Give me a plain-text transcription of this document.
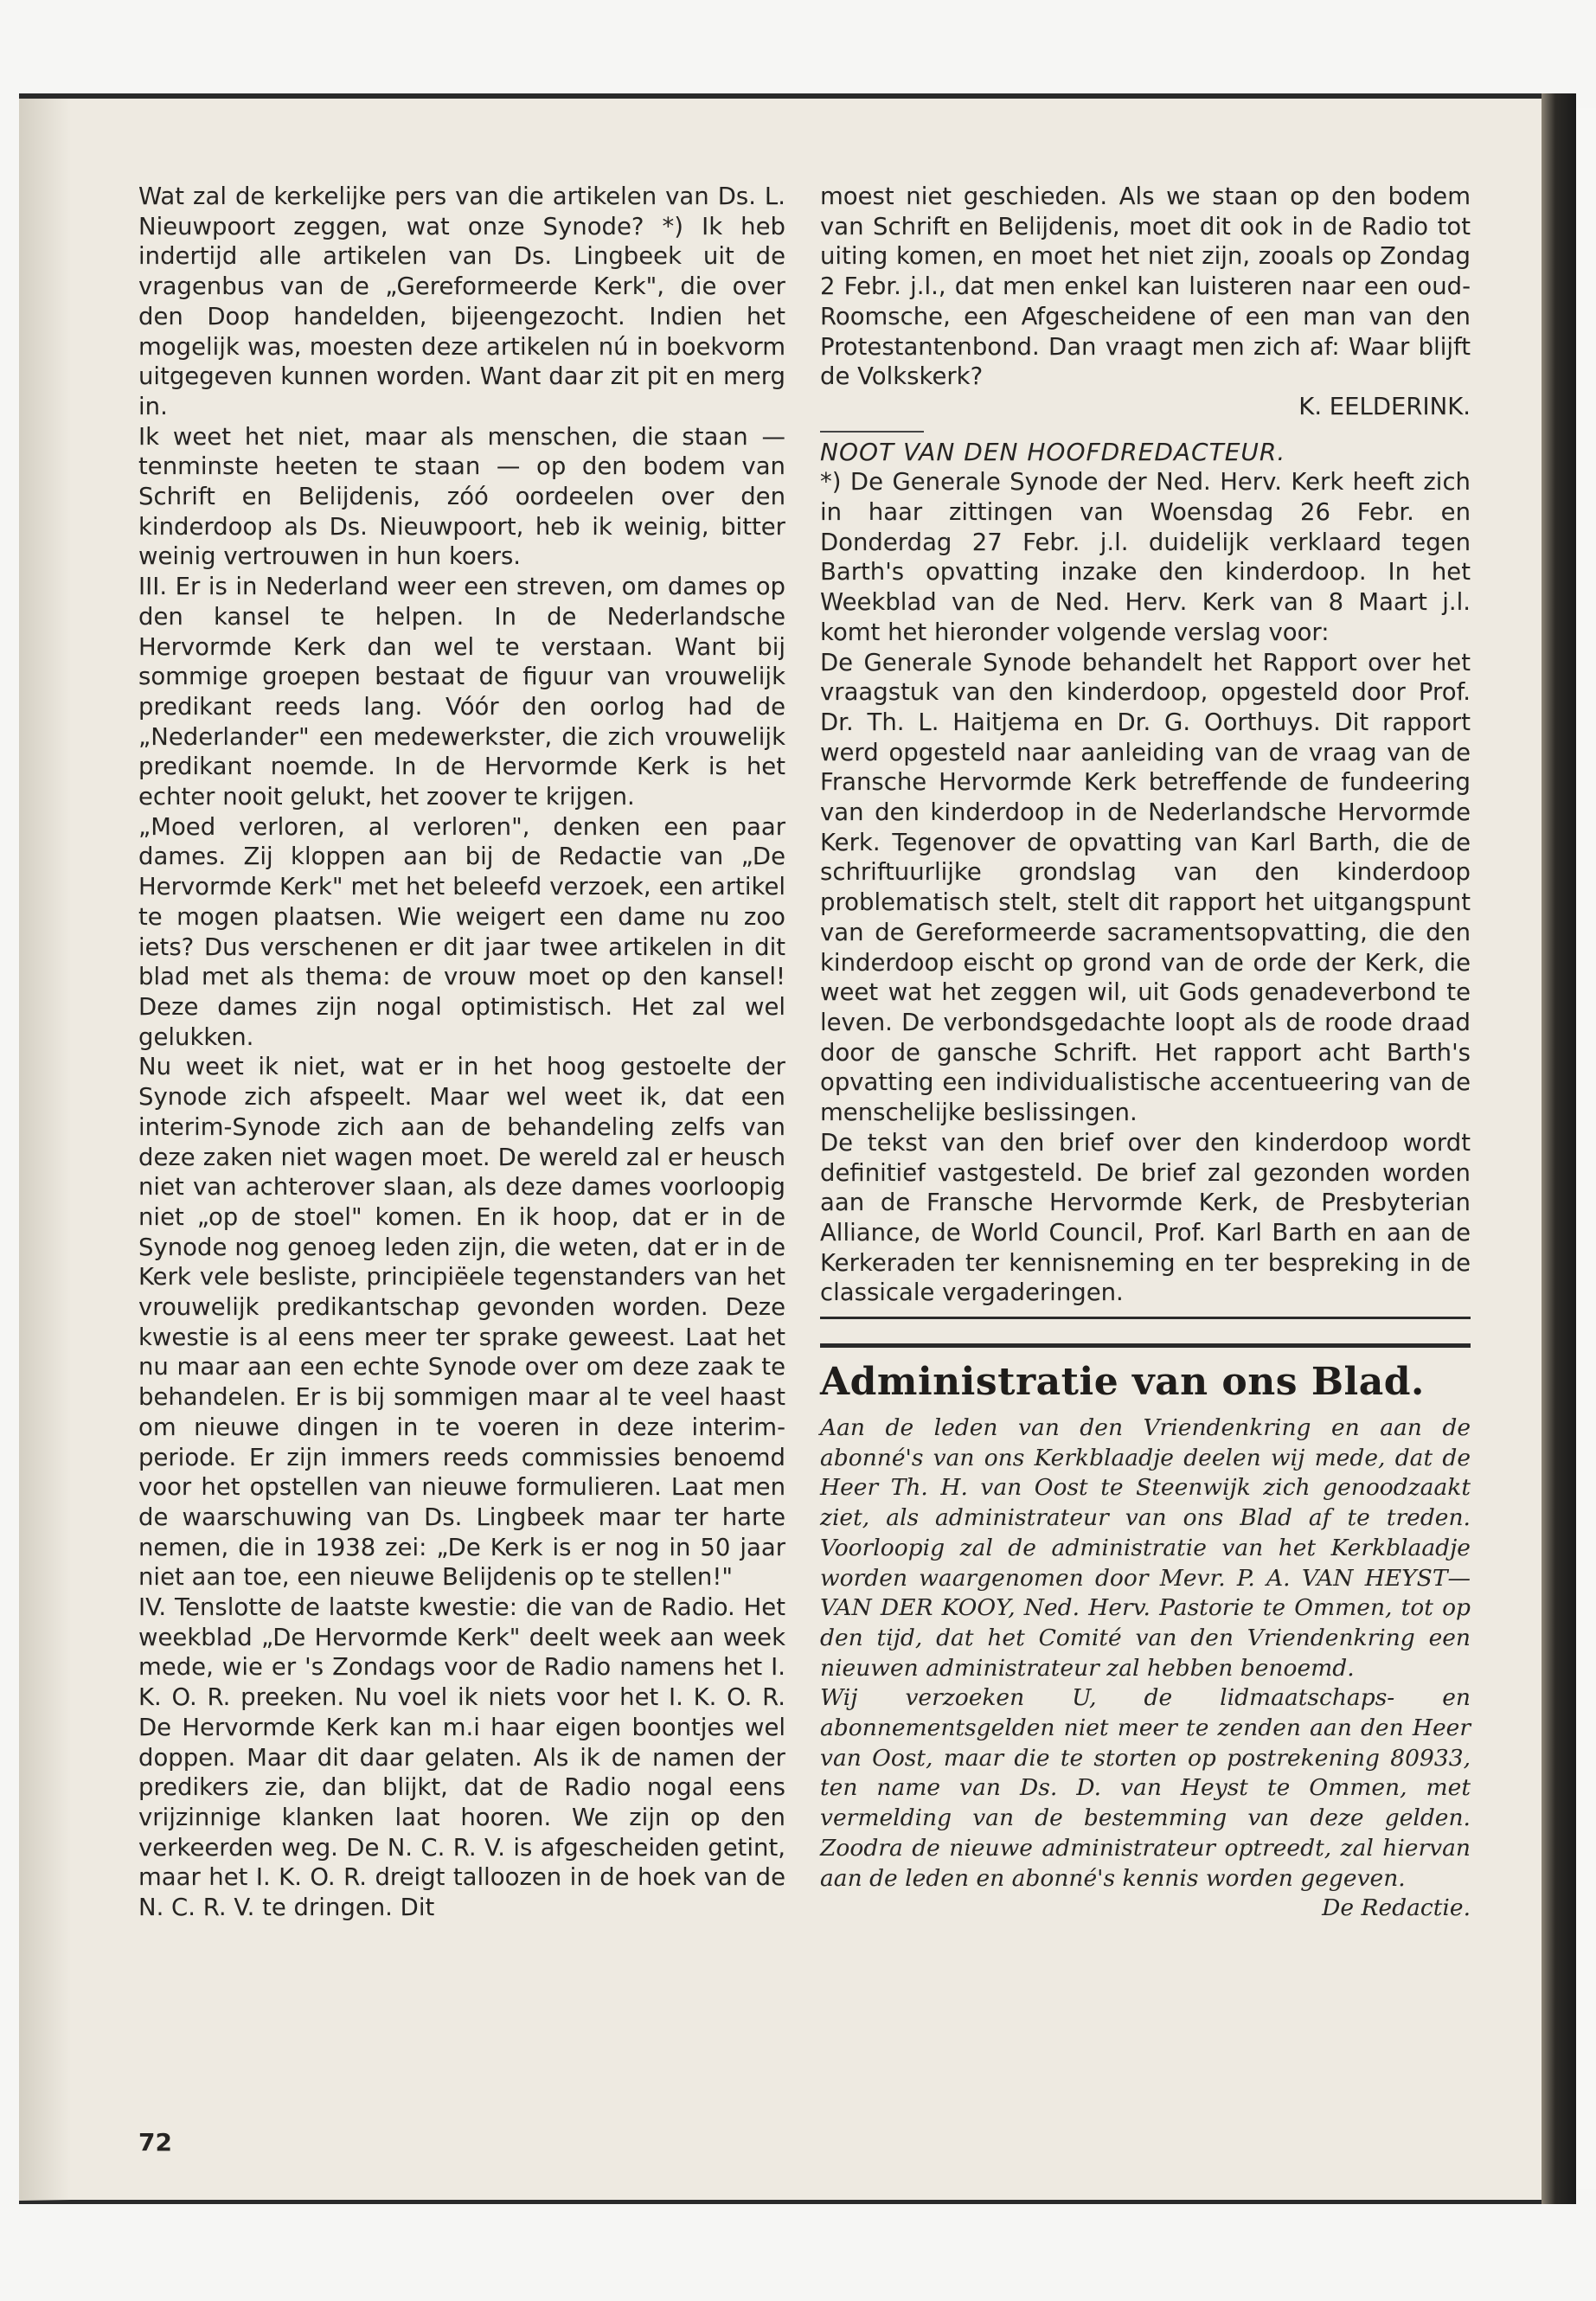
Wat zal de kerkelijke pers van die artikelen van Ds. L. Nieuwpoort zeggen, wat onze Synode? *) Ik heb indertijd alle artikelen van Ds. Lingbeek uit de vragenbus van de „Gereformeerde Kerk", die over den Doop handelden, bijeengezocht. Indien het mogelijk was, moesten deze artikelen nú in boekvorm uitgegeven kunnen worden. Want daar zit pit en merg in.

Ik weet het niet, maar als menschen, die staan — tenminste heeten te staan — op den bodem van Schrift en Belijdenis, zóó oordeelen over den kinderdoop als Ds. Nieuwpoort, heb ik weinig, bitter weinig vertrouwen in hun koers.

III. Er is in Nederland weer een streven, om dames op den kansel te helpen. In de Nederlandsche Hervormde Kerk dan wel te verstaan. Want bij sommige groepen bestaat de figuur van vrouwelijk predikant reeds lang. Vóór den oorlog had de „Nederlander" een medewerkster, die zich vrouwelijk predikant noemde. In de Hervormde Kerk is het echter nooit gelukt, het zoover te krijgen.

„Moed verloren, al verloren", denken een paar dames. Zij kloppen aan bij de Redactie van „De Hervormde Kerk" met het beleefd verzoek, een artikel te mogen plaatsen. Wie weigert een dame nu zoo iets? Dus verschenen er dit jaar twee artikelen in dit blad met als thema: de vrouw moet op den kansel! Deze dames zijn nogal optimistisch. Het zal wel gelukken.

Nu weet ik niet, wat er in het hoog gestoelte der Synode zich afspeelt. Maar wel weet ik, dat een interim-Synode zich aan de behandeling zelfs van deze zaken niet wagen moet. De wereld zal er heusch niet van achterover slaan, als deze dames voorloopig niet „op de stoel" komen. En ik hoop, dat er in de Synode nog genoeg leden zijn, die weten, dat er in de Kerk vele besliste, principiëele tegenstanders van het vrouwelijk predikantschap gevonden worden. Deze kwestie is al eens meer ter sprake geweest. Laat het nu maar aan een echte Synode over om deze zaak te behandelen. Er is bij sommigen maar al te veel haast om nieuwe dingen in te voeren in deze interim-periode. Er zijn immers reeds commissies benoemd voor het opstellen van nieuwe formulieren. Laat men de waarschuwing van Ds. Lingbeek maar ter harte nemen, die in 1938 zei: „De Kerk is er nog in 50 jaar niet aan toe, een nieuwe Belijdenis op te stellen!"

IV. Tenslotte de laatste kwestie: die van de Radio. Het weekblad „De Hervormde Kerk" deelt week aan week mede, wie er 's Zondags voor de Radio namens het I. K. O. R. preeken. Nu voel ik niets voor het I. K. O. R. De Hervormde Kerk kan m.i haar eigen boontjes wel doppen. Maar dit daar gelaten. Als ik de namen der predikers zie, dan blijkt, dat de Radio nogal eens vrijzinnige klanken laat hooren. We zijn op den verkeerden weg. De N. C. R. V. is afgescheiden getint, maar het I. K. O. R. dreigt talloozen in de hoek van de N. C. R. V. te dringen. Dit

moest niet geschieden. Als we staan op den bodem van Schrift en Belijdenis, moet dit ook in de Radio tot uiting komen, en moet het niet zijn, zooals op Zondag 2 Febr. j.l., dat men enkel kan luisteren naar een oud-Roomsche, een Afgescheidene of een man van den Protestantenbond. Dan vraagt men zich af: Waar blijft de Volkskerk?

K. EELDERINK.

NOOT VAN DEN HOOFDREDACTEUR.

*) De Generale Synode der Ned. Herv. Kerk heeft zich in haar zittingen van Woensdag 26 Febr. en Donderdag 27 Febr. j.l. duidelijk verklaard tegen Barth's opvatting inzake den kinderdoop. In het Weekblad van de Ned. Herv. Kerk van 8 Maart j.l. komt het hieronder volgende verslag voor:

De Generale Synode behandelt het Rapport over het vraagstuk van den kinderdoop, opgesteld door Prof. Dr. Th. L. Haitjema en Dr. G. Oorthuys. Dit rapport werd opgesteld naar aanleiding van de vraag van de Fransche Hervormde Kerk betreffende de fundeering van den kinderdoop in de Nederlandsche Hervormde Kerk. Tegenover de opvatting van Karl Barth, die de schriftuurlijke grondslag van den kinderdoop problematisch stelt, stelt dit rapport het uitgangspunt van de Gereformeerde sacramentsopvatting, die den kinderdoop eischt op grond van de orde der Kerk, die weet wat het zeggen wil, uit Gods genadeverbond te leven. De verbondsgedachte loopt als de roode draad door de gansche Schrift. Het rapport acht Barth's opvatting een individualistische accentueering van de menschelijke beslissingen.

De tekst van den brief over den kinderdoop wordt definitief vastgesteld. De brief zal gezonden worden aan de Fransche Hervormde Kerk, de Presbyterian Alliance, de World Council, Prof. Karl Barth en aan de Kerkeraden ter kennisneming en ter bespreking in de classicale vergaderingen.

Administratie van ons Blad.

Aan de leden van den Vriendenkring en aan de abonné's van ons Kerkblaadje deelen wij mede, dat de Heer Th. H. van Oost te Steenwijk zich genoodzaakt ziet, als administrateur van ons Blad af te treden. Voorloopig zal de administratie van het Kerkblaadje worden waargenomen door Mevr. P. A. VAN HEYST—VAN DER KOOY, Ned. Herv. Pastorie te Ommen, tot op den tijd, dat het Comité van den Vriendenkring een nieuwen administrateur zal hebben benoemd.

Wij verzoeken U, de lidmaatschaps- en abonnementsgelden niet meer te zenden aan den Heer van Oost, maar die te storten op postrekening 80933, ten name van Ds. D. van Heyst te Ommen, met vermelding van de bestemming van deze gelden. Zoodra de nieuwe administrateur optreedt, zal hiervan aan de leden en abonné's kennis worden gegeven.

De Redactie.

72
